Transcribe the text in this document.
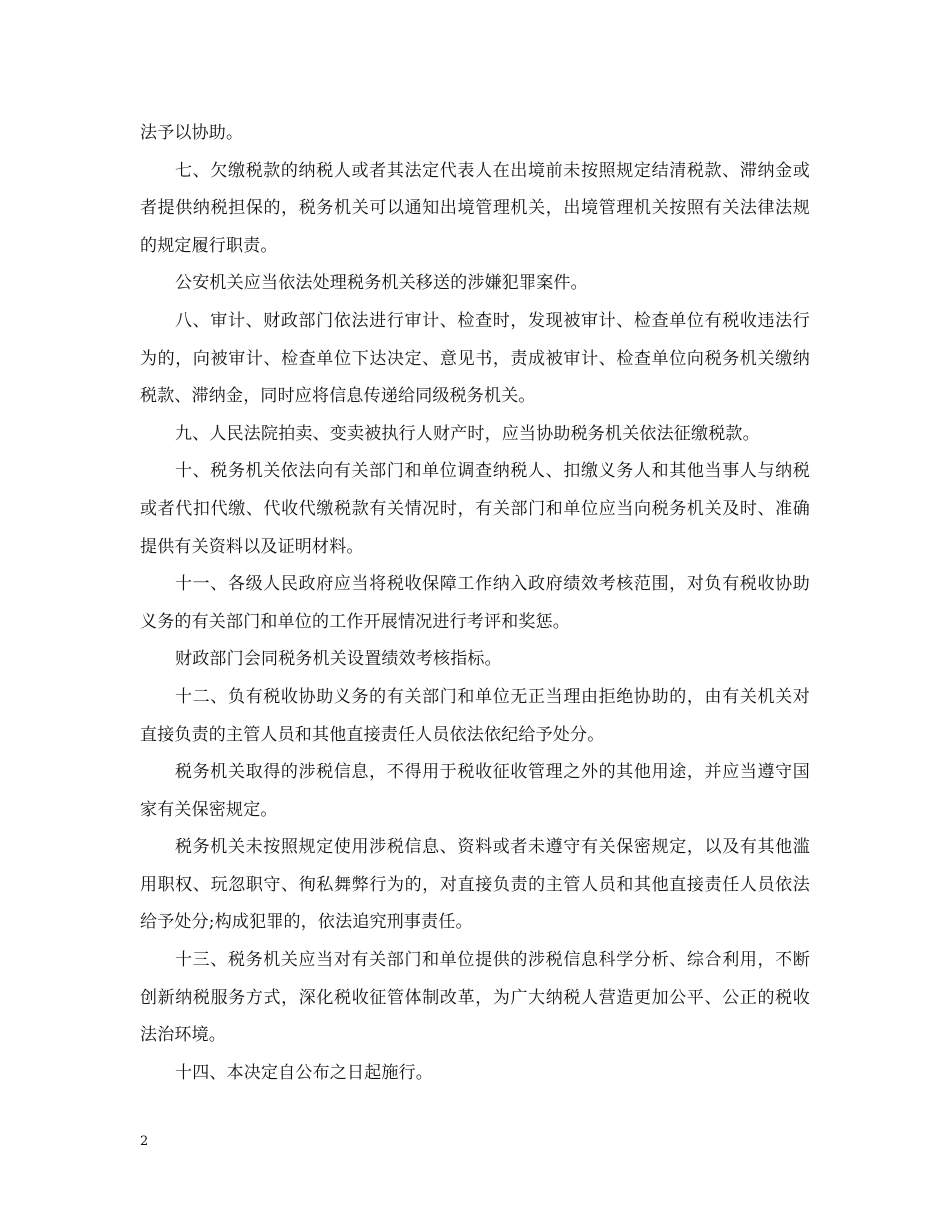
法予以协助。

七、欠缴税款的纳税人或者其法定代表人在出境前未按照规定结清税款、滞纳金或者提供纳税担保的，税务机关可以通知出境管理机关，出境管理机关按照有关法律法规的规定履行职责。

公安机关应当依法处理税务机关移送的涉嫌犯罪案件。

八、审计、财政部门依法进行审计、检查时，发现被审计、检查单位有税收违法行为的，向被审计、检查单位下达决定、意见书，责成被审计、检查单位向税务机关缴纳税款、滞纳金，同时应将信息传递给同级税务机关。

九、人民法院拍卖、变卖被执行人财产时，应当协助税务机关依法征缴税款。

十、税务机关依法向有关部门和单位调查纳税人、扣缴义务人和其他当事人与纳税或者代扣代缴、代收代缴税款有关情况时，有关部门和单位应当向税务机关及时、准确提供有关资料以及证明材料。

十一、各级人民政府应当将税收保障工作纳入政府绩效考核范围，对负有税收协助义务的有关部门和单位的工作开展情况进行考评和奖惩。

财政部门会同税务机关设置绩效考核指标。

十二、负有税收协助义务的有关部门和单位无正当理由拒绝协助的，由有关机关对直接负责的主管人员和其他直接责任人员依法依纪给予处分。

税务机关取得的涉税信息，不得用于税收征收管理之外的其他用途，并应当遵守国家有关保密规定。

税务机关未按照规定使用涉税信息、资料或者未遵守有关保密规定，以及有其他滥用职权、玩忽职守、徇私舞弊行为的，对直接负责的主管人员和其他直接责任人员依法给予处分;构成犯罪的，依法追究刑事责任。

十三、税务机关应当对有关部门和单位提供的涉税信息科学分析、综合利用，不断创新纳税服务方式，深化税收征管体制改革，为广大纳税人营造更加公平、公正的税收法治环境。

十四、本决定自公布之日起施行。

2
